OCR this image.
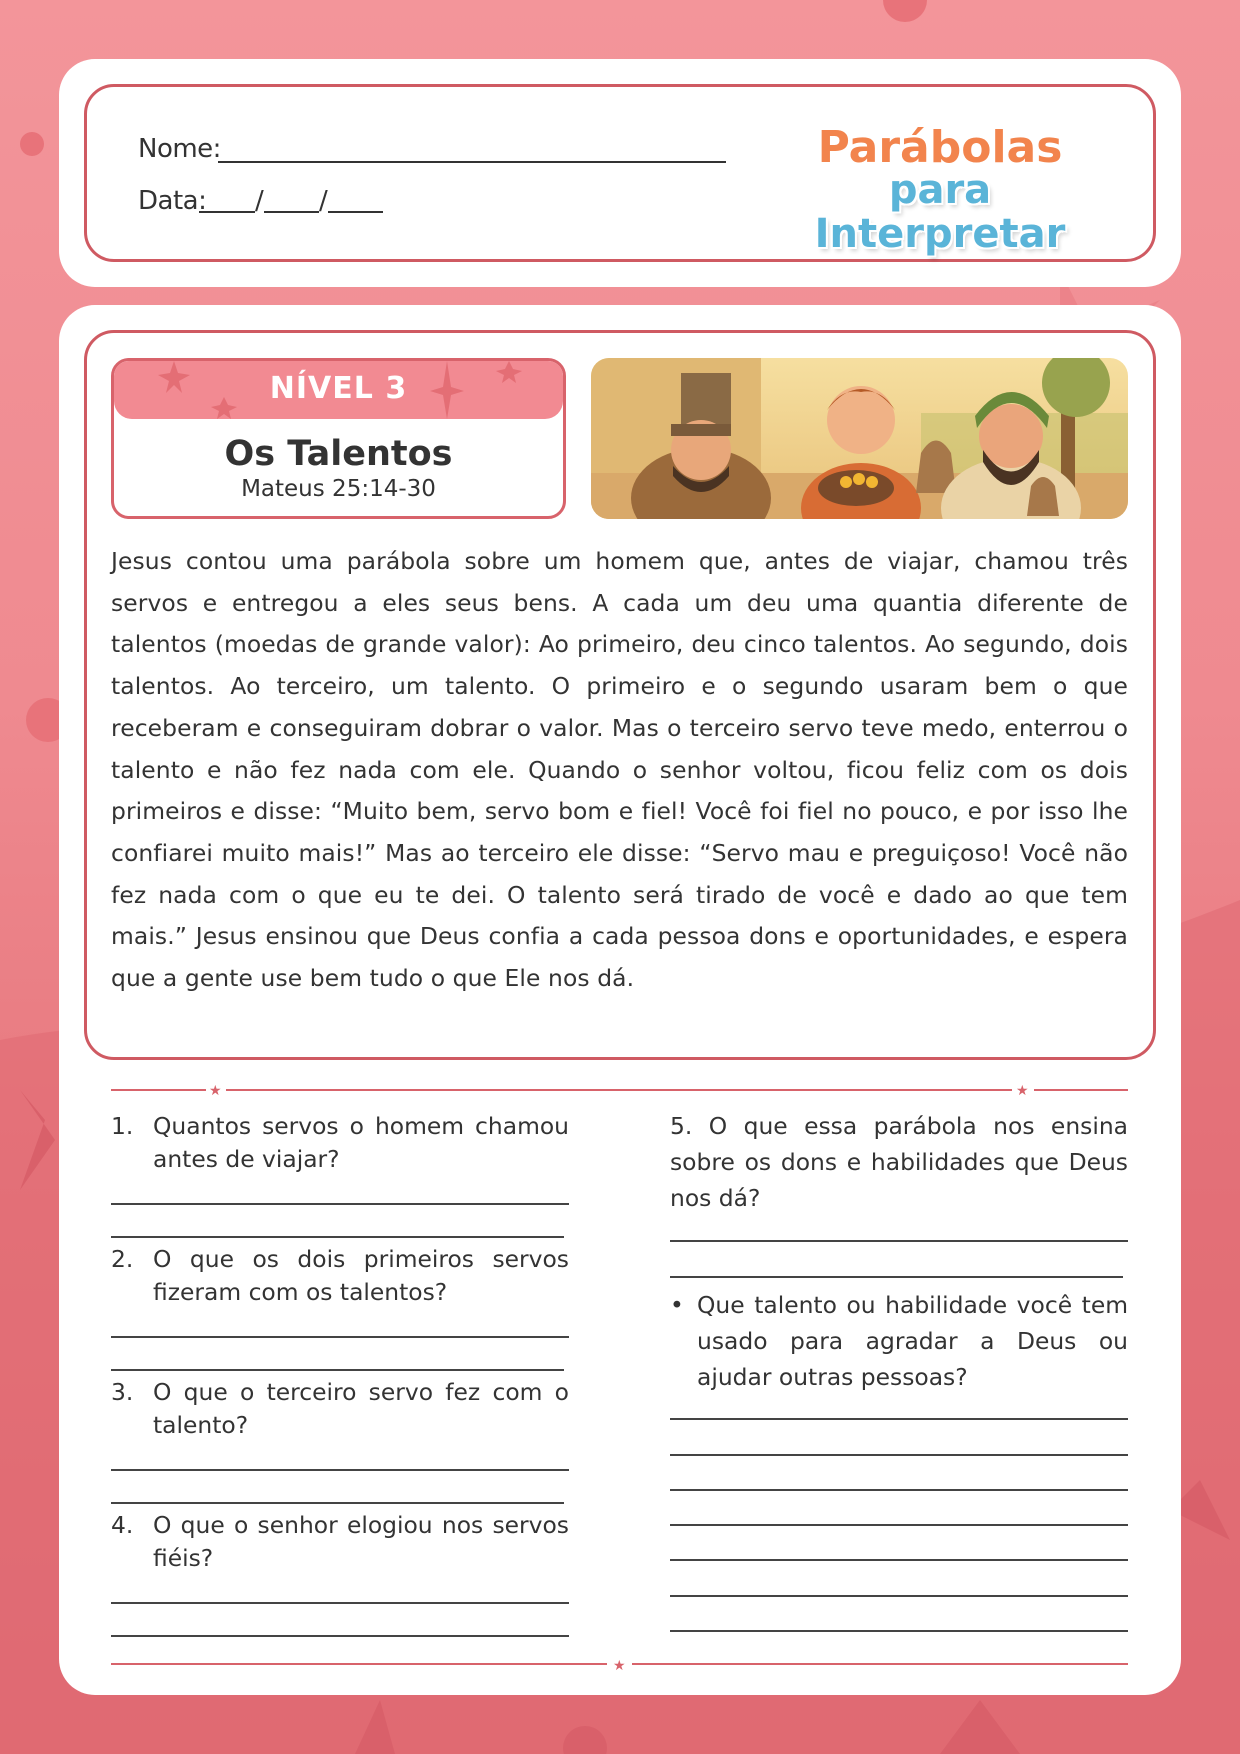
Nome:
Data: / /
Parábolas
para Interpretar
NÍVEL 3
Os Talentos
Mateus 25:14-30
Jesus contou uma parábola sobre um homem que, antes de viajar, chamou três servos e entregou a eles seus bens. A cada um deu uma quantia diferente de talentos (moedas de grande valor): Ao primeiro, deu cinco talentos. Ao segundo, dois talentos. Ao terceiro, um talento. O primeiro e o segundo usaram bem o que receberam e conseguiram dobrar o valor. Mas o terceiro servo teve medo, enterrou o talento e não fez nada com ele. Quando o senhor voltou, ficou feliz com os dois primeiros e disse: “Muito bem, servo bom e fiel! Você foi fiel no pouco, e por isso lhe confiarei muito mais!” Mas ao terceiro ele disse: “Servo mau e preguiçoso! Você não fez nada com o que eu te dei. O talento será tirado de você e dado ao que tem mais.” Jesus ensinou que Deus confia a cada pessoa dons e oportunidades, e espera que a gente use bem tudo o que Ele nos dá.
★	★
1. Quantos servos o homem chamou antes de viajar?
2. O que os dois primeiros servos fizeram com os talentos?
3. O que o terceiro servo fez com o talento?
4. O que o senhor elogiou nos servos fiéis?
5. O que essa parábola nos ensina sobre os dons e habilidades que Deus nos dá?
• Que talento ou habilidade você tem usado para agradar a Deus ou ajudar outras pessoas?
★
